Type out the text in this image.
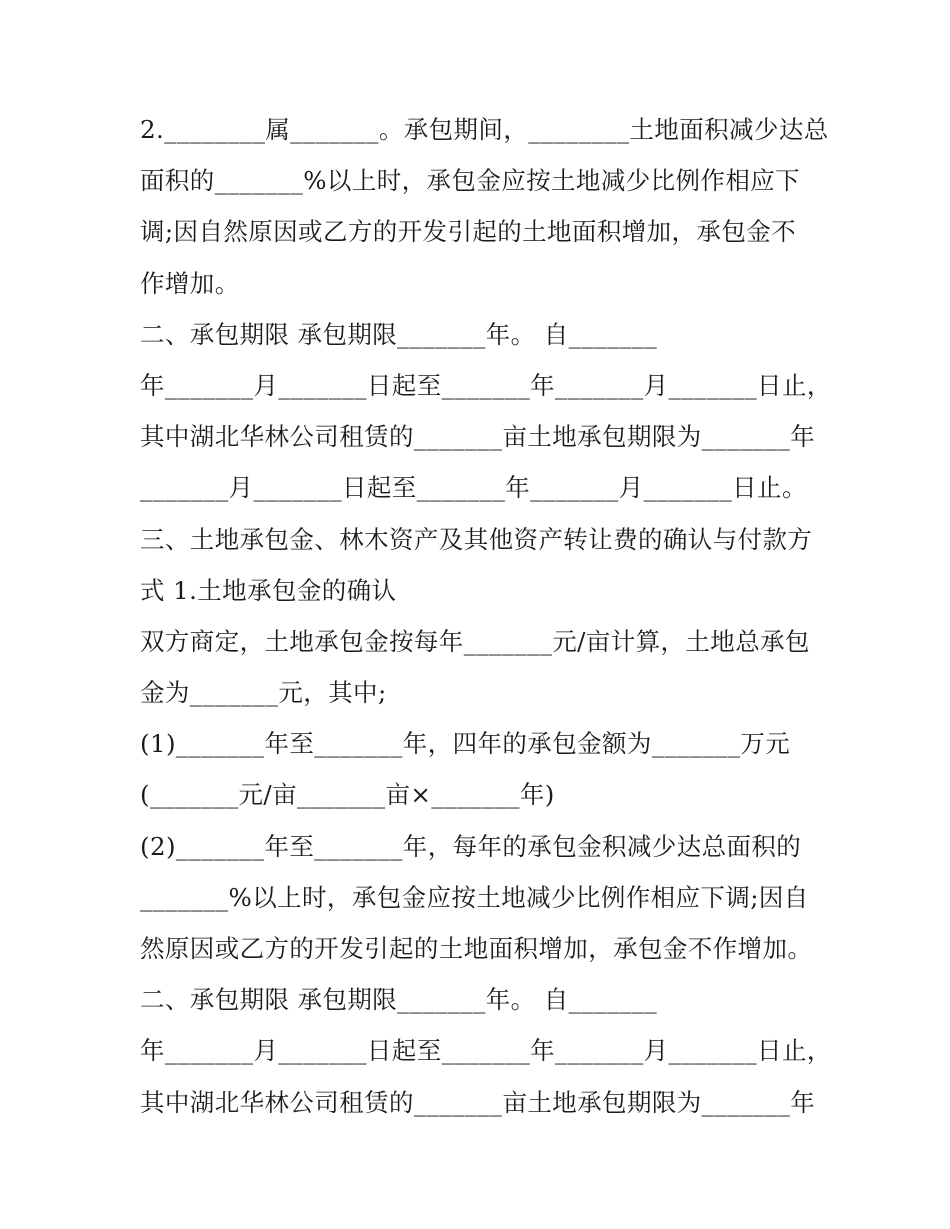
2.________属_______。承包期间，________土地面积减少达总
面积的_______%以上时，承包金应按土地减少比例作相应下
调;因自然原因或乙方的开发引起的土地面积增加，承包金不
作增加。
二、承包期限 承包期限_______年。 自_______
年_______月_______日起至_______年_______月_______日止，
其中湖北华林公司租赁的_______亩土地承包期限为_______年
_______月_______日起至_______年_______月_______日止。
三、土地承包金、林木资产及其他资产转让费的确认与付款方
式 1.土地承包金的确认
双方商定，土地承包金按每年_______元/亩计算，土地总承包
金为_______元，其中;
(1)_______年至_______年，四年的承包金额为_______万元
(_______元/亩_______亩×_______年)
(2)_______年至_______年，每年的承包金积减少达总面积的
_______%以上时，承包金应按土地减少比例作相应下调;因自
然原因或乙方的开发引起的土地面积增加，承包金不作增加。
二、承包期限 承包期限_______年。 自_______
年_______月_______日起至_______年_______月_______日止，
其中湖北华林公司租赁的_______亩土地承包期限为_______年
